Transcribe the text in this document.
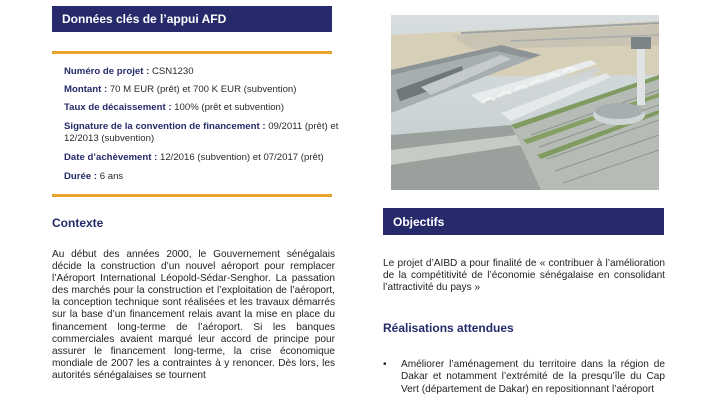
Données clés de l’appui AFD
Numéro de projet : CSN1230
Montant : 70 M EUR (prêt) et 700 K EUR (subvention)
Taux de décaissement : 100% (prêt et subvention)
Signature de la convention de financement : 09/2011 (prêt) et 12/2013 (subvention)
Date d’achèvement : 12/2016 (subvention) et 07/2017 (prêt)
Durée : 6 ans
Contexte
Au début des années 2000, le Gouvernement sénégalais décide la construction d’un nouvel aéroport pour remplacer l’Aéroport International Léopold-Sédar-Senghor. La passation des marchés pour la construction et l’exploitation de l’aéroport, la conception technique sont réalisées et les travaux démarrés sur la base d’un financement relais avant la mise en place du financement long-terme de l’aéroport. Si les banques commerciales avaient marqué leur accord de principe pour assurer le financement long-terme, la crise économique mondiale de 2007 les a contraintes à y renoncer. Dès lors, les autorités sénégalaises se tournent
Objectifs
Le projet d’AIBD a pour finalité de « contribuer à l’amélioration de la compétitivité de l’économie sénégalaise en consolidant l’attractivité du pays »
Réalisations attendues
•	Améliorer l’aménagement du territoire dans la région de Dakar et notamment l’extrémité de la presqu’île du Cap Vert (département de Dakar) en repositionnant l’aéroport
